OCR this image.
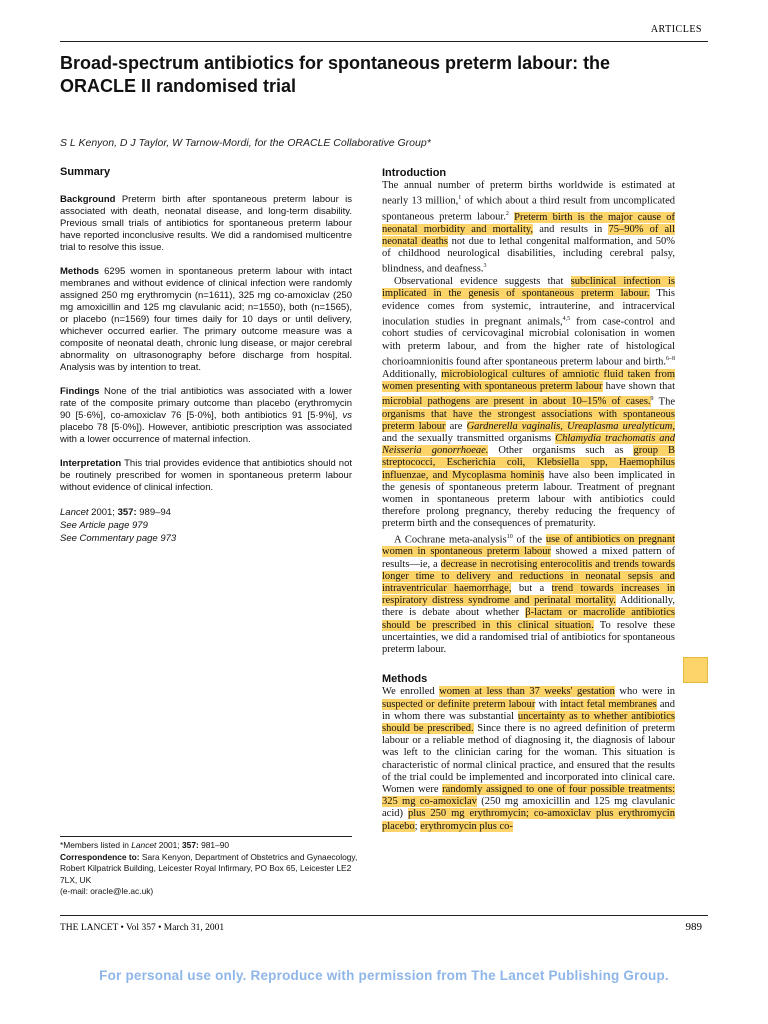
ARTICLES
Broad-spectrum antibiotics for spontaneous preterm labour: the ORACLE II randomised trial
S L Kenyon, D J Taylor, W Tarnow-Mordi, for the ORACLE Collaborative Group*
Summary

Background Preterm birth after spontaneous preterm labour is associated with death, neonatal disease, and long-term disability. Previous small trials of antibiotics for spontaneous preterm labour have reported inconclusive results. We did a randomised multicentre trial to resolve this issue.

Methods 6295 women in spontaneous preterm labour with intact membranes and without evidence of clinical infection were randomly assigned 250 mg erythromycin (n=1611), 325 mg co-amoxiclav (250 mg amoxicillin and 125 mg clavulanic acid; n=1550), both (n=1565), or placebo (n=1569) four times daily for 10 days or until delivery, whichever occurred earlier. The primary outcome measure was a composite of neonatal death, chronic lung disease, or major cerebral abnormality on ultrasonography before discharge from hospital. Analysis was by intention to treat.

Findings None of the trial antibiotics was associated with a lower rate of the composite primary outcome than placebo (erythromycin 90 [5·6%], co-amoxiclav 76 [5·0%], both antibiotics 91 [5·9%], vs placebo 78 [5·0%]). However, antibiotic prescription was associated with a lower occurrence of maternal infection.

Interpretation This trial provides evidence that antibiotics should not be routinely prescribed for women in spontaneous preterm labour without evidence of clinical infection.

Lancet 2001; 357: 989–94
See Article page 979
See Commentary page 973

*Members listed in Lancet 2001; 357: 981–90

Correspondence to: Sara Kenyon, Department of Obstetrics and Gynaecology, Robert Kilpatrick Building, Leicester Royal Infirmary, PO Box 65, Leicester LE2 7LX, UK

(e-mail: oracle@le.ac.uk)

Introduction

The annual number of preterm births worldwide is estimated at nearly 13 million,$^1$ of which about a third result from uncomplicated spontaneous preterm labour.$^2$ Preterm birth is the major cause of neonatal morbidity and mortality, and results in 75–90% of all neonatal deaths not due to lethal congenital malformation, and 50% of childhood neurological disabilities, including cerebral palsy, blindness, and deafness.$^3$

Observational evidence suggests that subclinical infection is implicated in the genesis of spontaneous preterm labour. This evidence comes from systemic, intrauterine, and intracervical inoculation studies in pregnant animals,$^{4,5}$ from case-control and cohort studies of cervicovaginal microbial colonisation in women with preterm labour, and from the higher rate of histological chorioamnionitis found after spontaneous preterm labour and birth.$^{6-8}$ Additionally, microbiological cultures of amniotic fluid taken from women presenting with spontaneous preterm labour have shown that microbial pathogens are present in about 10–15% of cases.$^9$ The organisms that have the strongest associations with spontaneous preterm labour are Gardnerella vaginalis, Ureaplasma urealyticum, and the sexually transmitted organisms Chlamydia trachomatis and Neisseria gonorrhoeae. Other organisms such as group B streptococci, Escherichia coli, Klebsiella spp, Haemophilus influenzae, and Mycoplasma hominis have also been implicated in the genesis of spontaneous preterm labour. Treatment of pregnant women in spontaneous preterm labour with antibiotics could therefore prolong pregnancy, thereby reducing the frequency of preterm birth and the consequences of prematurity.

A Cochrane meta-analysis$^{10}$ of the use of antibiotics on pregnant women in spontaneous preterm labour showed a mixed pattern of results—ie, a decrease in necrotising enterocolitis and trends towards longer time to delivery and reductions in neonatal sepsis and intraventricular haemorrhage, but a trend towards increases in respiratory distress syndrome and perinatal mortality. Additionally, there is debate about whether β-lactam or macrolide antibiotics should be prescribed in this clinical situation. To resolve these uncertainties, we did a randomised trial of antibiotics for spontaneous preterm labour.

Methods

We enrolled women at less than 37 weeks' gestation who were in suspected or definite preterm labour with intact fetal membranes and in whom there was substantial uncertainty as to whether antibiotics should be prescribed. Since there is no agreed definition of preterm labour or a reliable method of diagnosing it, the diagnosis of labour was left to the clinician caring for the woman. This situation is characteristic of normal clinical practice, and ensured that the results of the trial could be implemented and incorporated into clinical care. Women were randomly assigned to one of four possible treatments: 325 mg co-amoxiclav (250 mg amoxicillin and 125 mg clavulanic acid) plus 250 mg erythromycin; co-amoxiclav plus erythromycin placebo; erythromycin plus co-

THE LANCET • Vol 357 • March 31, 2001	989
For personal use only. Reproduce with permission from The Lancet Publishing Group.
